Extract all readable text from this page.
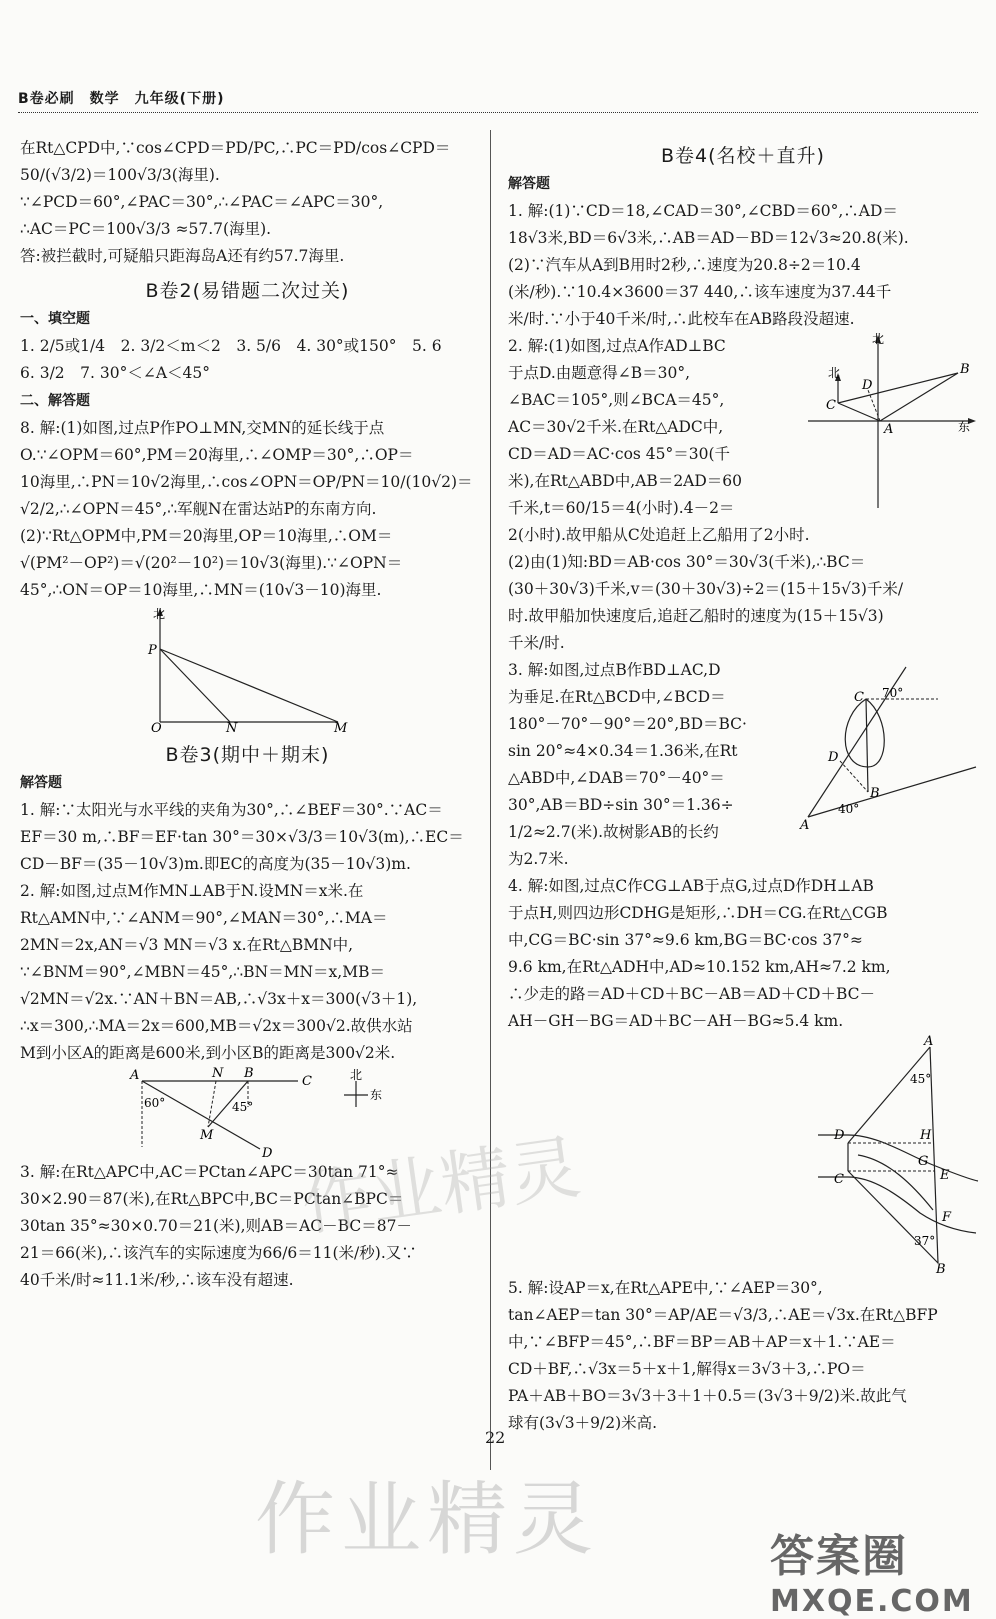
B卷必刷　数学　九年级(下册)

在Rt△CPD中,∵cos∠CPD＝PD/PC,∴PC＝PD/cos∠CPD＝

50/(√3/2)＝100√3/3(海里).

∵∠PCD＝60°,∠PAC＝30°,∴∠PAC＝∠APC＝30°,

∴AC＝PC＝100√3/3 ≈57.7(海里).

答:被拦截时,可疑船只距海岛A还有约57.7海里.

B卷2(易错题二次过关)
一、填空题

1. 2/5或1/4　2. 3/2＜m＜2　3. 5/6　4. 30°或150°　5. 6

6. 3/2　7. 30°＜∠A＜45°

二、解答题

8. 解:(1)如图,过点P作PO⊥MN,交MN的延长线于点

O.∵∠OPM＝60°,PM＝20海里,∴∠OMP＝30°,∴OP＝

10海里,∴PN＝10√2海里,∴cos∠OPN＝OP/PN＝10/(10√2)＝

√2/2,∴∠OPN＝45°,∴军舰N在雷达站P的东南方向.

(2)∵Rt△OPM中,PM＝20海里,OP＝10海里,∴OM＝

√(PM²－OP²)＝√(20²－10²)＝10√3(海里).∵∠OPN＝

45°,∴ON＝OP＝10海里,∴MN＝(10√3－10)海里.

北
P
O	N	M
B卷3(期中＋期末)
解答题

1. 解:∵太阳光与水平线的夹角为30°,∴∠BEF＝30°.∵AC＝

EF＝30 m,∴BF＝EF·tan 30°＝30×√3/3＝10√3(m),∴EC＝

CD－BF＝(35－10√3)m.即EC的高度为(35－10√3)m.

2. 解:如图,过点M作MN⊥AB于N.设MN＝x米.在

Rt△AMN中,∵∠ANM＝90°,∠MAN＝30°,∴MA＝

2MN＝2x,AN＝√3 MN＝√3 x.在Rt△BMN中,

∵∠BNM＝90°,∠MBN＝45°,∴BN＝MN＝x,MB＝

√2MN＝√2x.∵AN＋BN＝AB,∴√3x＋x＝300(√3＋1),

∴x＝300,∴MA＝2x＝600,MB＝√2x＝300√2.故供水站

M到小区A的距离是600米,到小区B的距离是300√2米.

A	N B
C
M
D
60°	45°
北
东

3. 解:在Rt△APC中,AC＝PCtan∠APC＝30tan 71°≈

30×2.90＝87(米),在Rt△BPC中,BC＝PCtan∠BPC＝

30tan 35°≈30×0.70＝21(米),则AB＝AC－BC＝87－

21＝66(米),∴该汽车的实际速度为66/6＝11(米/秒).又∵

40千米/时≈11.1米/秒,∴该车没有超速.

B卷4(名校＋直升)
解答题

1. 解:(1)∵CD＝18,∠CAD＝30°,∠CBD＝60°,∴AD＝

18√3米,BD＝6√3米,∴AB＝AD－BD＝12√3≈20.8(米).

(2)∵汽车从A到B用时2秒,∴速度为20.8÷2＝10.4

(米/秒).∵10.4×3600＝37 440,∴该车速度为37.44千

米/时.∵小于40千米/时,∴此校车在AB路段没超速.

北
北
东
A
B
C
D

2. 解:(1)如图,过点A作AD⊥BC

于点D.由题意得∠B＝30°,

∠BAC＝105°,则∠BCA＝45°,

AC＝30√2千米.在Rt△ADC中,

CD＝AD＝AC·cos 45°＝30(千

米),在Rt△ABD中,AB＝2AD＝60

千米,t＝60/15＝4(小时).4－2＝

2(小时).故甲船从C处追赶上乙船用了2小时.

(2)由(1)知:BD＝AB·cos 30°＝30√3(千米),∴BC＝

(30＋30√3)千米,v＝(30＋30√3)÷2＝(15＋15√3)千米/

时.故甲船加快速度后,追赶乙船时的速度为(15＋15√3)

千米/时.

C
D
B
A
70°
40°

3. 解:如图,过点B作BD⊥AC,D

为垂足.在Rt△BCD中,∠BCD＝

180°－70°－90°＝20°,BD＝BC·

sin 20°≈4×0.34＝1.36米,在Rt

△ABD中,∠DAB＝70°－40°＝

30°,AB＝BD÷sin 30°＝1.36÷

1/2≈2.7(米).故树影AB的长约

为2.7米.

4. 解:如图,过点C作CG⊥AB于点G,过点D作DH⊥AB

于点H,则四边形CDHG是矩形,∴DH＝CG.在Rt△CGB

中,CG＝BC·sin 37°≈9.6 km,BG＝BC·cos 37°≈

9.6 km,在Rt△ADH中,AD≈10.152 km,AH≈7.2 km,

∴少走的路＝AD＋CD＋BC－AB＝AD＋CD＋BC－

AH－GH－BG＝AD＋BC－AH－BG≈5.4 km.

A
B
C
D
E
F
G
H
45°
37°

5. 解:设AP＝x,在Rt△APE中,∵∠AEP＝30°,

tan∠AEP＝tan 30°＝AP/AE＝√3/3,∴AE＝√3x.在Rt△BFP

中,∵∠BFP＝45°,∴BF＝BP＝AB＋AP＝x＋1.∵AE＝

CD＋BF,∴√3x＝5＋x＋1,解得x＝3√3＋3,∴PO＝

PA＋AB＋BO＝3√3＋3＋1＋0.5＝(3√3＋9/2)米.故此气

球有(3√3＋9/2)米高.

22
作业精灵
作业精灵	答案圈
MXQE.COM
